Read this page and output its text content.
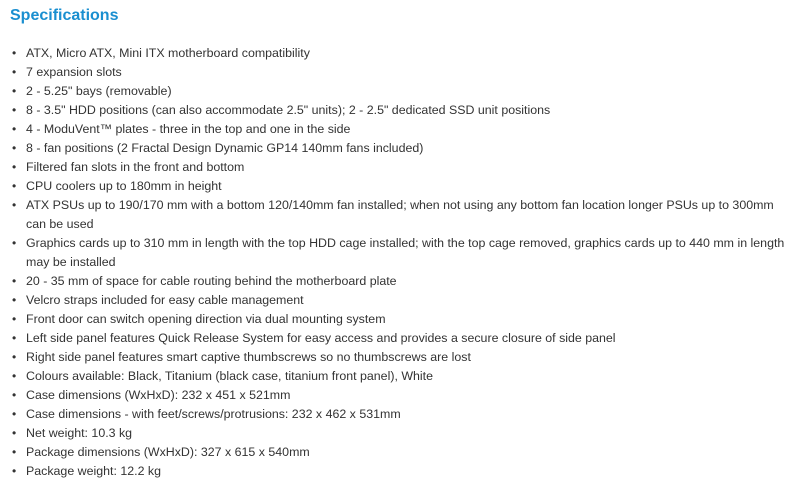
Specifications
• ATX, Micro ATX, Mini ITX motherboard compatibility
• 7 expansion slots
• 2 - 5.25" bays (removable)
• 8 - 3.5" HDD positions (can also accommodate 2.5" units); 2 - 2.5" dedicated SSD unit positions
• 4 - ModuVent™ plates - three in the top and one in the side
• 8 - fan positions (2 Fractal Design Dynamic GP14 140mm fans included)
• Filtered fan slots in the front and bottom
• CPU coolers up to 180mm in height
• ATX PSUs up to 190/170 mm with a bottom 120/140mm fan installed; when not using any bottom fan location longer PSUs up to 300mm can be used
• Graphics cards up to 310 mm in length with the top HDD cage installed; with the top cage removed, graphics cards up to 440 mm in length may be installed
• 20 - 35 mm of space for cable routing behind the motherboard plate
• Velcro straps included for easy cable management
• Front door can switch opening direction via dual mounting system
• Left side panel features Quick Release System for easy access and provides a secure closure of side panel
• Right side panel features smart captive thumbscrews so no thumbscrews are lost
• Colours available: Black, Titanium (black case, titanium front panel), White
• Case dimensions (WxHxD): 232 x 451 x 521mm
• Case dimensions - with feet/screws/protrusions: 232 x 462 x 531mm
• Net weight: 10.3 kg
• Package dimensions (WxHxD): 327 x 615 x 540mm
• Package weight: 12.2 kg
